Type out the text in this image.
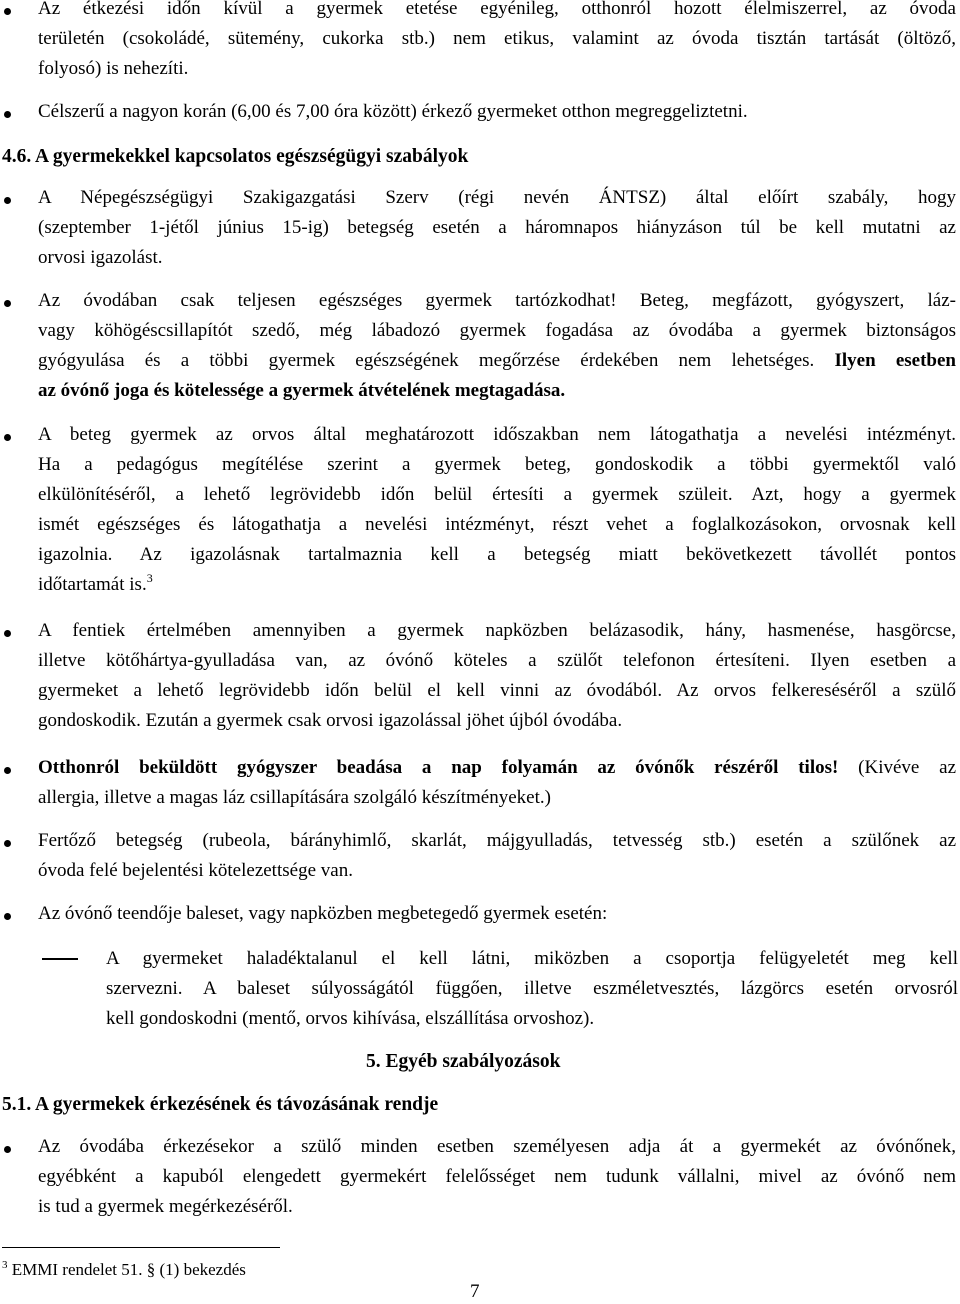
Az étkezési időn kívül a gyermek etetése egyénileg, otthonról hozott élelmiszerrel, az óvoda
területén (csokoládé, sütemény, cukorka stb.) nem etikus, valamint az óvoda tisztán tartását (öltöző,
folyosó) is nehezíti.
Célszerű a nagyon korán (6,00 és 7,00 óra között) érkező gyermeket otthon megreggeliztetni.
4.6. A gyermekekkel kapcsolatos egészségügyi szabályok
A Népegészségügyi Szakigazgatási Szerv (régi nevén ÁNTSZ) által előírt szabály, hogy
(szeptember 1-jétől június 15-ig) betegség esetén a háromnapos hiányzáson túl be kell mutatni az
orvosi igazolást.
Az óvodában csak teljesen egészséges gyermek tartózkodhat! Beteg, megfázott, gyógyszert, láz-
vagy köhögéscsillapítót szedő, még lábadozó gyermek fogadása az óvodába a gyermek biztonságos
gyógyulása és a többi gyermek egészségének megőrzése érdekében nem lehetséges. Ilyen esetben
az óvónő joga és kötelessége a gyermek átvételének megtagadása.
A beteg gyermek az orvos által meghatározott időszakban nem látogathatja a nevelési intézményt.
Ha a pedagógus megítélése szerint a gyermek beteg, gondoskodik a többi gyermektől való
elkülönítéséről, a lehető legrövidebb időn belül értesíti a gyermek szüleit. Azt, hogy a gyermek
ismét egészséges és látogathatja a nevelési intézményt, részt vehet a foglalkozásokon, orvosnak kell
igazolnia. Az igazolásnak tartalmaznia kell a betegség miatt bekövetkezett távollét pontos
időtartamát is.$^3$
A fentiek értelmében amennyiben a gyermek napközben belázasodik, hány, hasmenése, hasgörcse,
illetve kötőhártya-gyulladása van, az óvónő köteles a szülőt telefonon értesíteni. Ilyen esetben a
gyermeket a lehető legrövidebb időn belül el kell vinni az óvodából. Az orvos felkereséséről a szülő
gondoskodik. Ezután a gyermek csak orvosi igazolással jöhet újból óvodába.
Otthonról beküldött gyógyszer beadása a nap folyamán az óvónők részéről tilos! (Kivéve az
allergia, illetve a magas láz csillapítására szolgáló készítményeket.)
Fertőző betegség (rubeola, bárányhimlő, skarlát, májgyulladás, tetvesség stb.) esetén a szülőnek az
óvoda felé bejelentési kötelezettsége van.
Az óvónő teendője baleset, vagy napközben megbetegedő gyermek esetén:
A gyermeket haladéktalanul el kell látni, miközben a csoportja felügyeletét meg kell
szervezni. A baleset súlyosságától függően, illetve eszméletvesztés, lázgörcs esetén orvosról
kell gondoskodni (mentő, orvos kihívása, elszállítása orvoshoz).
5. Egyéb szabályozások
5.1. A gyermekek érkezésének és távozásának rendje
Az óvodába érkezésekor a szülő minden esetben személyesen adja át a gyermekét az óvónőnek,
egyébként a kapuból elengedett gyermekért felelősséget nem tudunk vállalni, mivel az óvónő nem
is tud a gyermek megérkezéséről.
$^3$ EMMI rendelet 51. § (1) bekezdés
7
